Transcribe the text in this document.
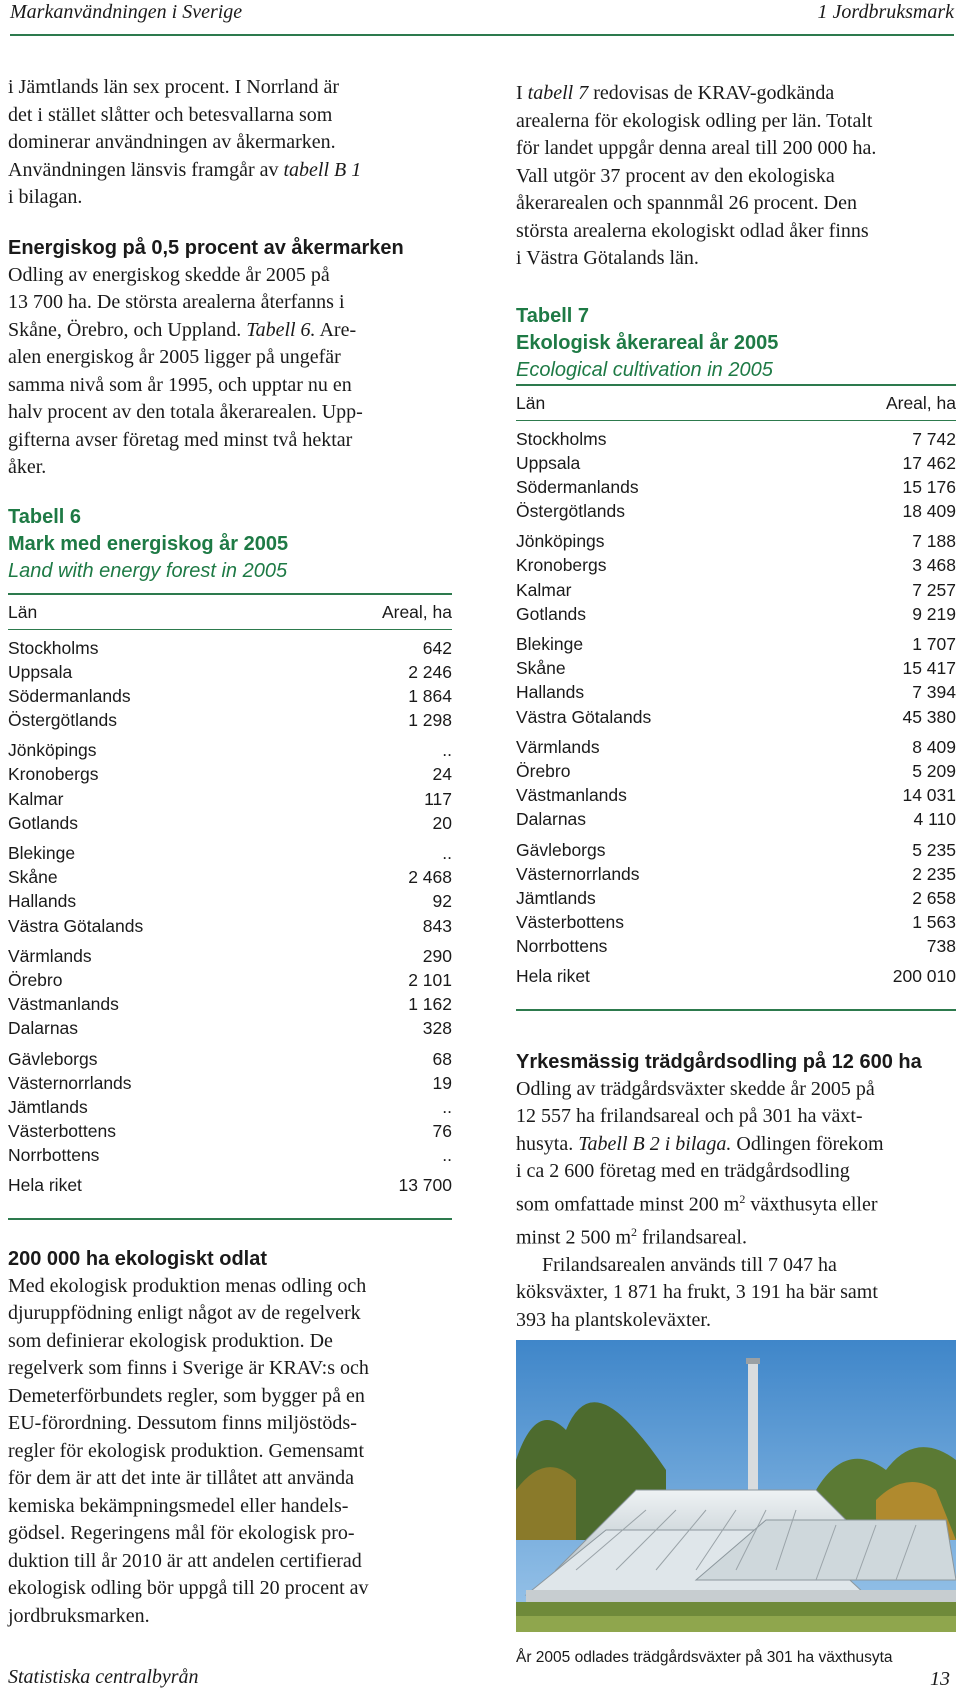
Markanvändningen i Sverige	1 Jordbruksmark

i Jämtlands län sex procent. I Norrland är
det i stället slåtter och betesvallarna som
dominerar användningen av åkermarken.
Användningen länsvis framgår av tabell B 1
i bilagan.

Energiskog på 0,5 procent av åkermarken

Odling av energiskog skedde år 2005 på
13 700 ha. De största arealerna återfanns i
Skåne, Örebro, och Uppland. Tabell 6. Are-
alen energiskog år 2005 ligger på ungefär
samma nivå som år 1995, och upptar nu en
halv procent av den totala åkerarealen. Upp-
gifterna avser företag med minst två hektar
åker.

Tabell 6
Mark med energiskog år 2005
Land with energy forest in 2005
Län	Areal, ha
Stockholms	642
Uppsala	2 246
Södermanlands	1 864
Östergötlands	1 298
Jönköpings	..
Kronobergs	24
Kalmar	117
Gotlands	20
Blekinge	..
Skåne	2 468
Hallands	92
Västra Götalands	843
Värmlands	290
Örebro	2 101
Västmanlands	1 162
Dalarnas	328
Gävleborgs	68
Västernorrlands	19
Jämtlands	..
Västerbottens	76
Norrbottens	..
Hela riket	13 700

200 000 ha ekologiskt odlat

Med ekologisk produktion menas odling och
djuruppfödning enligt något av de regelverk
som definierar ekologisk produktion. De
regelverk som finns i Sverige är KRAV:s och
Demeterförbundets regler, som bygger på en
EU-förordning. Dessutom finns miljöstöds-
regler för ekologisk produktion. Gemensamt
för dem är att det inte är tillåtet att använda
kemiska bekämpningsmedel eller handels-
gödsel. Regeringens mål för ekologisk pro-
duktion till år 2010 är att andelen certifierad
ekologisk odling bör uppgå till 20 procent av
jordbruksmarken.

I tabell 7 redovisas de KRAV-godkända
arealerna för ekologisk odling per län. Totalt
för landet uppgår denna areal till 200 000 ha.
Vall utgör 37 procent av den ekologiska
åkerarealen och spannmål 26 procent. Den
största arealerna ekologiskt odlad åker finns
i Västra Götalands län.

Tabell 7
Ekologisk åkerareal år 2005
Ecological cultivation in 2005
Län	Areal, ha
Stockholms	7 742
Uppsala	17 462
Södermanlands	15 176
Östergötlands	18 409
Jönköpings	7 188
Kronobergs	3 468
Kalmar	7 257
Gotlands	9 219
Blekinge	1 707
Skåne	15 417
Hallands	7 394
Västra Götalands	45 380
Värmlands	8 409
Örebro	5 209
Västmanlands	14 031
Dalarnas	4 110
Gävleborgs	5 235
Västernorrlands	2 235
Jämtlands	2 658
Västerbottens	1 563
Norrbottens	738
Hela riket	200 010

Yrkesmässig trädgårdsodling på 12 600 ha

Odling av trädgårdsväxter skedde år 2005 på
12 557 ha frilandsareal och på 301 ha växt-
husyta. Tabell B 2 i bilaga. Odlingen förekom
i ca 2 600 företag med en trädgårdsodling
som omfattade minst 200 $m^2$ växthusyta eller
minst 2 500 $m^2$ frilandsareal.

Frilandsarealen används till 7 047 ha
köksväxter, 1 871 ha frukt, 3 191 ha bär samt
393 ha plantskoleväxter.

År 2005 odlades trädgårdsväxter på 301 ha växthusyta
Statistiska centralbyrån	13
